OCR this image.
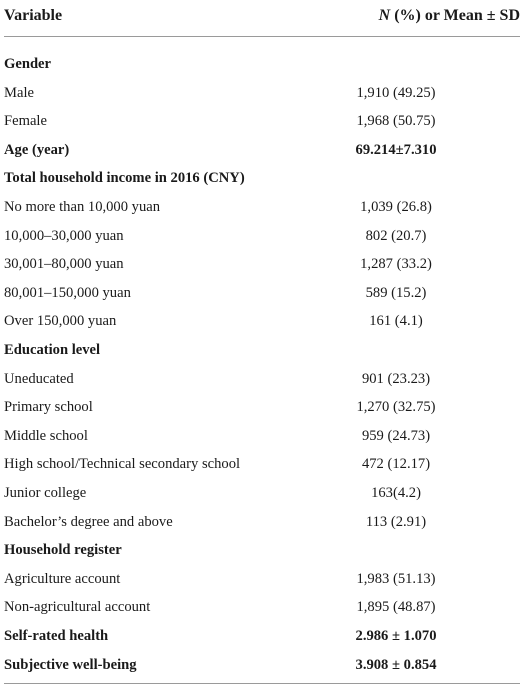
Variable	N (%) or Mean ± SD
Gender
Male	1,910 (49.25)
Female	1,968 (50.75)
Age (year)	69.214±7.310
Total household income in 2016 (CNY)
No more than 10,000 yuan	1,039 (26.8)
10,000–30,000 yuan	802 (20.7)
30,001–80,000 yuan	1,287 (33.2)
80,001–150,000 yuan	589 (15.2)
Over 150,000 yuan	161 (4.1)
Education level
Uneducated	901 (23.23)
Primary school	1,270 (32.75)
Middle school	959 (24.73)
High school/Technical secondary school	472 (12.17)
Junior college	163(4.2)
Bachelor’s degree and above	113 (2.91)
Household register
Agriculture account	1,983 (51.13)
Non-agricultural account	1,895 (48.87)
Self-rated health	2.986 ± 1.070
Subjective well-being	3.908 ± 0.854
